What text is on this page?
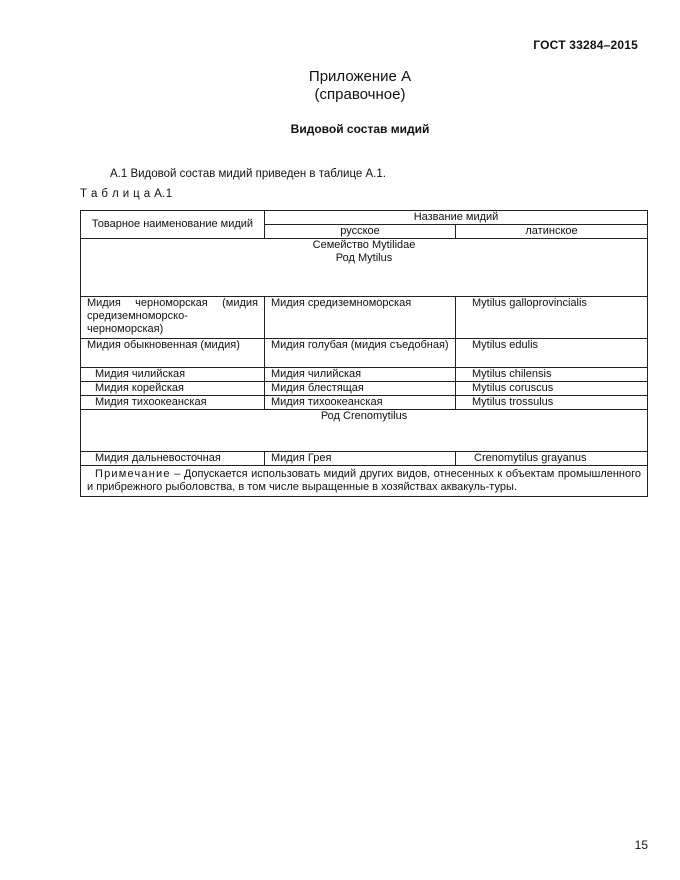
ГОСТ 33284–2015
Приложение А
(справочное)
Видовой состав мидий
А.1 Видовой состав мидий приведен в таблице А.1.
Т а б л и ц а А.1
Товарное наименование мидий	Название мидий	
	русское	латинское

Семейство Mytilidae
Род Mytilus		

Мидия черноморская (мидия средиземноморско-черноморская)	Мидия средиземноморская	Mytilus galloprovincialis
Мидия обыкновенная (мидия)	Мидия голубая (мидия съедобная)	Mytilus edulis
Мидия чилийская	Мидия чилийская	Mytilus chilensis
Мидия корейская	Мидия блестящая	Mytilus coruscus
Мидия тихоокеанская	Мидия тихоокеанская	Mytilus trossulus
Род Crenomytilus		
Мидия дальневосточная	Мидия Грея	Crenomytilus grayanus
Примечание – Допускается использовать мидий других видов, отнесенных к объектам промышленного и прибрежного рыболовства, в том числе выращенные в хозяйствах аквакуль-туры.		
15
